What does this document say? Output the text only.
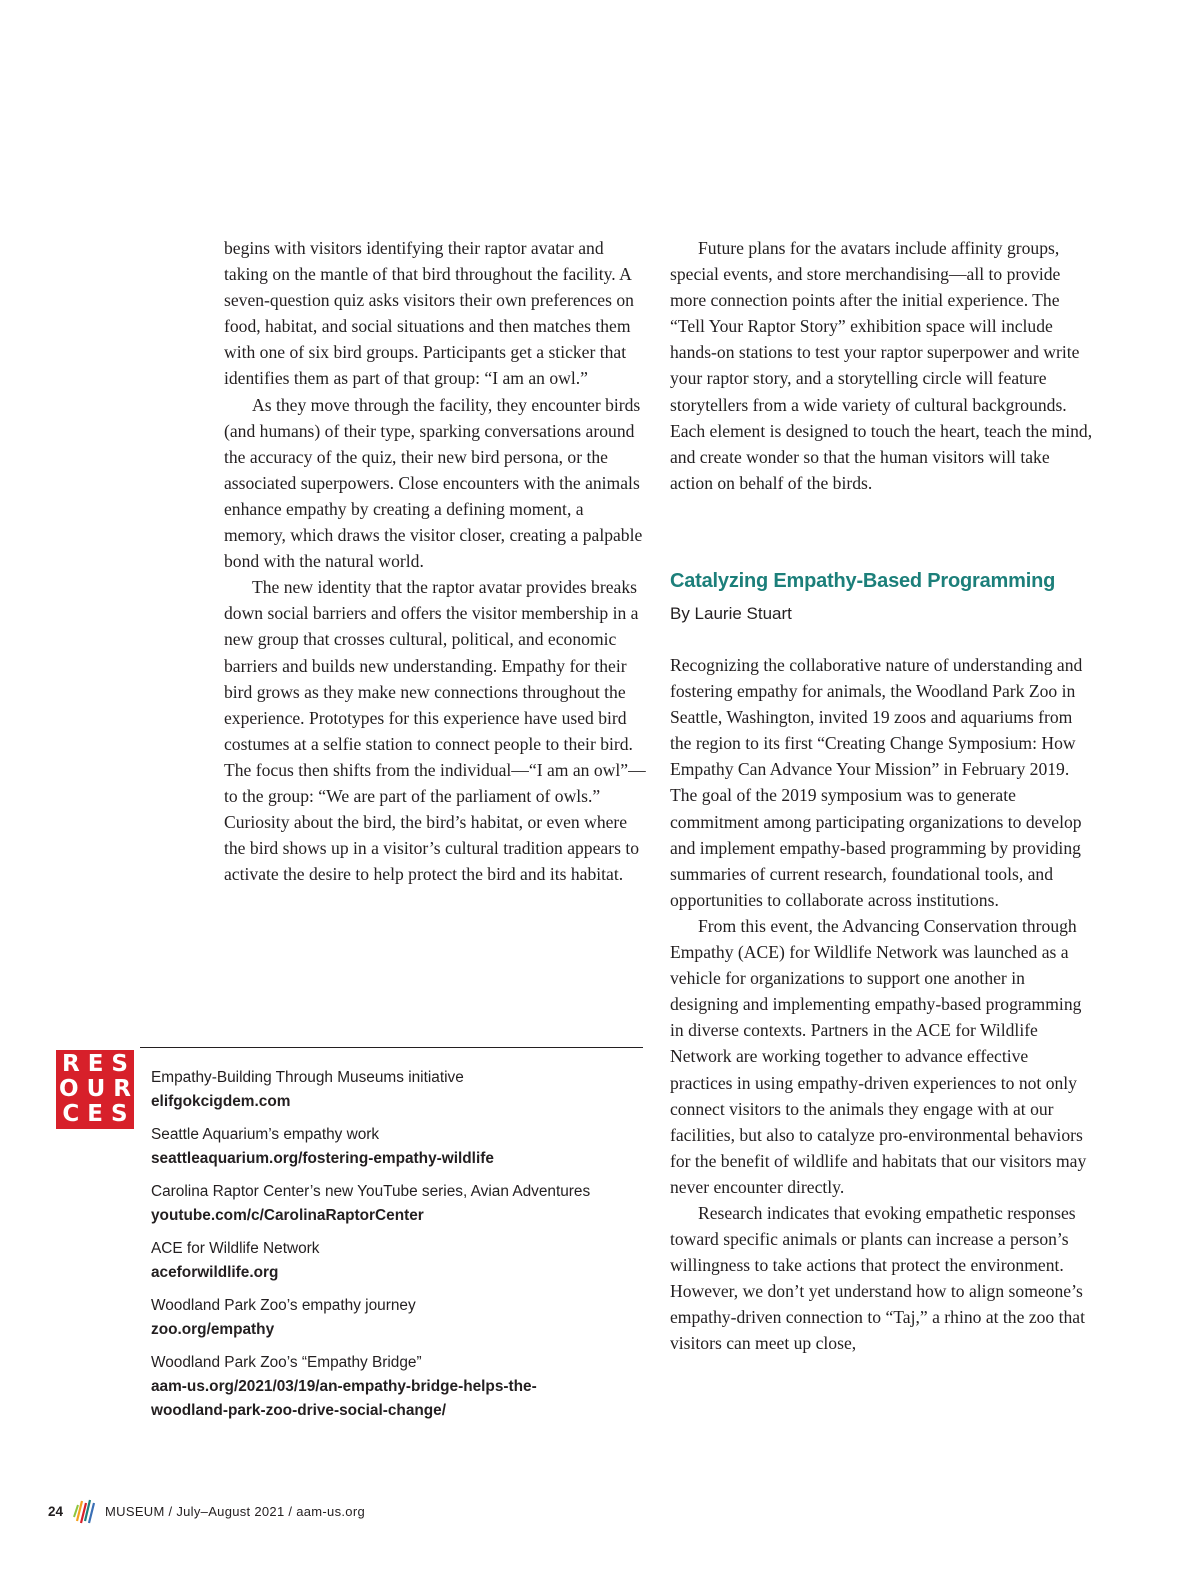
begins with visitors identifying their raptor avatar and taking on the mantle of that bird throughout the facility. A seven-question quiz asks visitors their own preferences on food, habitat, and social situations and then matches them with one of six bird groups. Participants get a sticker that identifies them as part of that group: “I am an owl.”

As they move through the facility, they encounter birds (and humans) of their type, sparking conversations around the accuracy of the quiz, their new bird persona, or the associated superpowers. Close encounters with the animals enhance empathy by creating a defining moment, a memory, which draws the visitor closer, creating a palpable bond with the natural world.

The new identity that the raptor avatar provides breaks down social barriers and offers the visitor membership in a new group that crosses cultural, political, and economic barriers and builds new understanding. Empathy for their bird grows as they make new connections throughout the experience. Prototypes for this experience have used bird costumes at a selfie station to connect people to their bird. The focus then shifts from the individual—“I am an owl”—to the group: “We are part of the parliament of owls.” Curiosity about the bird, the bird’s habitat, or even where the bird shows up in a visitor’s cultural tradition appears to activate the desire to help protect the bird and its habitat.

Future plans for the avatars include affinity groups, special events, and store merchandising—all to provide more connection points after the initial experience. The “Tell Your Raptor Story” exhibition space will include hands-on stations to test your raptor superpower and write your raptor story, and a storytelling circle will feature storytellers from a wide variety of cultural backgrounds. Each element is designed to touch the heart, teach the mind, and create wonder so that the human visitors will take action on behalf of the birds.

Catalyzing Empathy-Based Programming
By Laurie Stuart

Recognizing the collaborative nature of understanding and fostering empathy for animals, the Woodland Park Zoo in Seattle, Washington, invited 19 zoos and aquariums from the region to its first “Creating Change Symposium: How Empathy Can Advance Your Mission” in February 2019. The goal of the 2019 symposium was to generate commitment among participating organizations to develop and implement empathy-based programming by providing summaries of current research, foundational tools, and opportunities to collaborate across institutions.

From this event, the Advancing Conservation through Empathy (ACE) for Wildlife Network was launched as a vehicle for organizations to support one another in designing and implementing empathy-based programming in diverse contexts. Partners in the ACE for Wildlife Network are working together to advance effective practices in using empathy-driven experiences to not only connect visitors to the animals they engage with at our facilities, but also to catalyze pro-environmental behaviors for the benefit of wildlife and habitats that our visitors may never encounter directly.

Research indicates that evoking empathetic responses toward specific animals or plants can increase a person’s willingness to take actions that protect the environment. However, we don’t yet understand how to align someone’s empathy-driven connection to “Taj,” a rhino at the zoo that visitors can meet up close,

RES
OUR
CES
Empathy-Building Through Museums initiative
elifgokcigdem.com
Seattle Aquarium’s empathy work
seattleaquarium.org/fostering-empathy-wildlife
Carolina Raptor Center’s new YouTube series, Avian Adventures
youtube.com/c/CarolinaRaptorCenter
ACE for Wildlife Network
aceforwildlife.org
Woodland Park Zoo’s empathy journey
zoo.org/empathy
Woodland Park Zoo’s “Empathy Bridge”
aam-us.org/2021/03/19/an-empathy-bridge-helps-the-woodland-park-zoo-drive-social-change/
24	MUSEUM / July–August 2021 / aam-us.org
